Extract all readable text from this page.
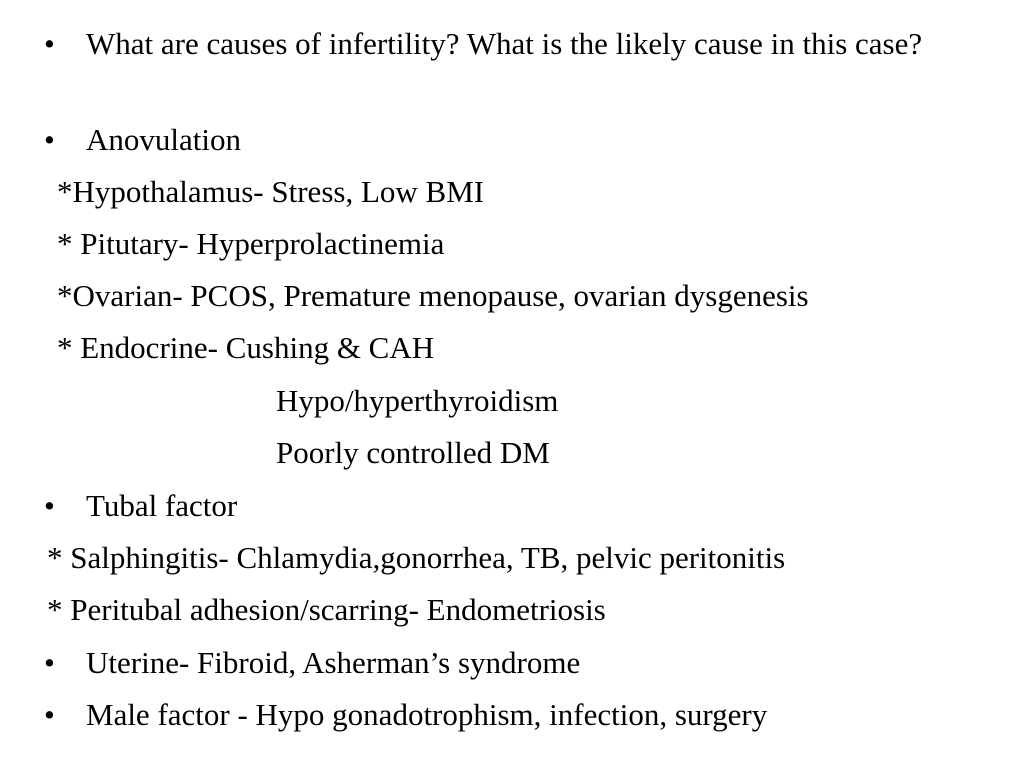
• What are causes of infertility? What is the likely cause in this case?
• Anovulation
*Hypothalamus- Stress, Low BMI
* Pitutary- Hyperprolactinemia
*Ovarian- PCOS, Premature menopause, ovarian dysgenesis
* Endocrine- Cushing & CAH
Hypo/hyperthyroidism
Poorly controlled DM
• Tubal factor
* Salphingitis- Chlamydia,gonorrhea, TB, pelvic peritonitis
* Peritubal adhesion/scarring- Endometriosis
• Uterine- Fibroid, Asherman’s syndrome
• Male factor - Hypo gonadotrophism, infection, surgery
